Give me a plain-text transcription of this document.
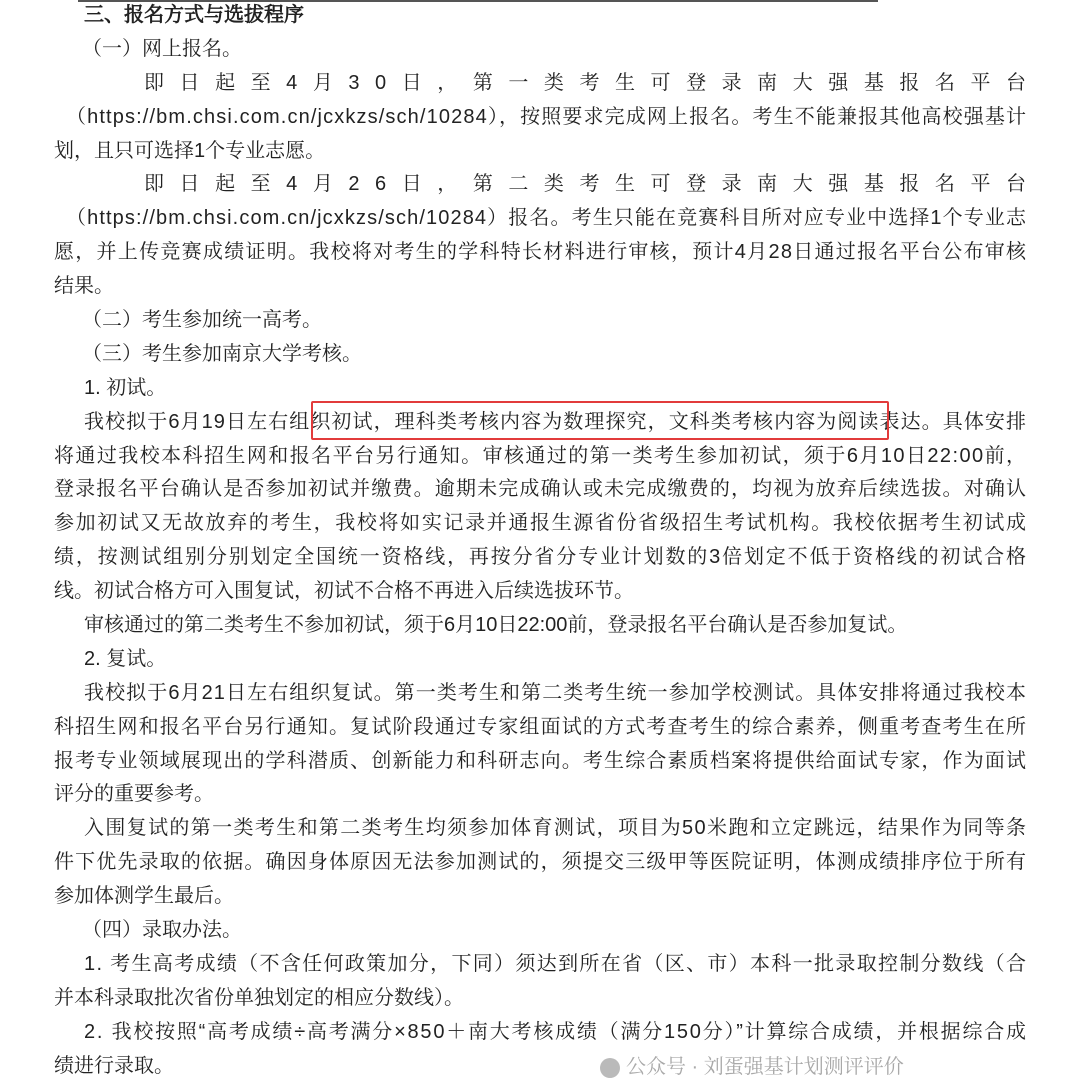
三、报名方式与选拔程序
（一）网上报名。
即日起至4月30日，第一类考生可登录南大强基报名平台
（https://bm.chsi.com.cn/jcxkzs/sch/10284），按照要求完成网上报名。考生不能兼报其他高校强基计
划，且只可选择1个专业志愿。
即日起至4月26日，第二类考生可登录南大强基报名平台
（https://bm.chsi.com.cn/jcxkzs/sch/10284）报名。考生只能在竞赛科目所对应专业中选择1个专业志
愿，并上传竞赛成绩证明。我校将对考生的学科特长材料进行审核，预计4月28日通过报名平台公布审核
结果。
（二）考生参加统一高考。
（三）考生参加南京大学考核。
1. 初试。
我校拟于6月19日左右组织初试，理科类考核内容为数理探究，文科类考核内容为阅读表达。具体安排
将通过我校本科招生网和报名平台另行通知。审核通过的第一类考生参加初试，须于6月10日22:00前，
登录报名平台确认是否参加初试并缴费。逾期未完成确认或未完成缴费的，均视为放弃后续选拔。对确认
参加初试又无故放弃的考生，我校将如实记录并通报生源省份省级招生考试机构。我校依据考生初试成
绩，按测试组别分别划定全国统一资格线，再按分省分专业计划数的3倍划定不低于资格线的初试合格
线。初试合格方可入围复试，初试不合格不再进入后续选拔环节。
审核通过的第二类考生不参加初试，须于6月10日22:00前，登录报名平台确认是否参加复试。
2. 复试。
我校拟于6月21日左右组织复试。第一类考生和第二类考生统一参加学校测试。具体安排将通过我校本
科招生网和报名平台另行通知。复试阶段通过专家组面试的方式考查考生的综合素养，侧重考查考生在所
报考专业领域展现出的学科潜质、创新能力和科研志向。考生综合素质档案将提供给面试专家，作为面试
评分的重要参考。
入围复试的第一类考生和第二类考生均须参加体育测试，项目为50米跑和立定跳远，结果作为同等条
件下优先录取的依据。确因身体原因无法参加测试的，须提交三级甲等医院证明，体测成绩排序位于所有
参加体测学生最后。
（四）录取办法。
1. 考生高考成绩（不含任何政策加分，下同）须达到所在省（区、市）本科一批录取控制分数线（合
并本科录取批次省份单独划定的相应分数线）。
2. 我校按照“高考成绩÷高考满分×850＋南大考核成绩（满分150分）”计算综合成绩，并根据综合成
绩进行录取。	公众号 · 刘蛋强基计划测评评价
